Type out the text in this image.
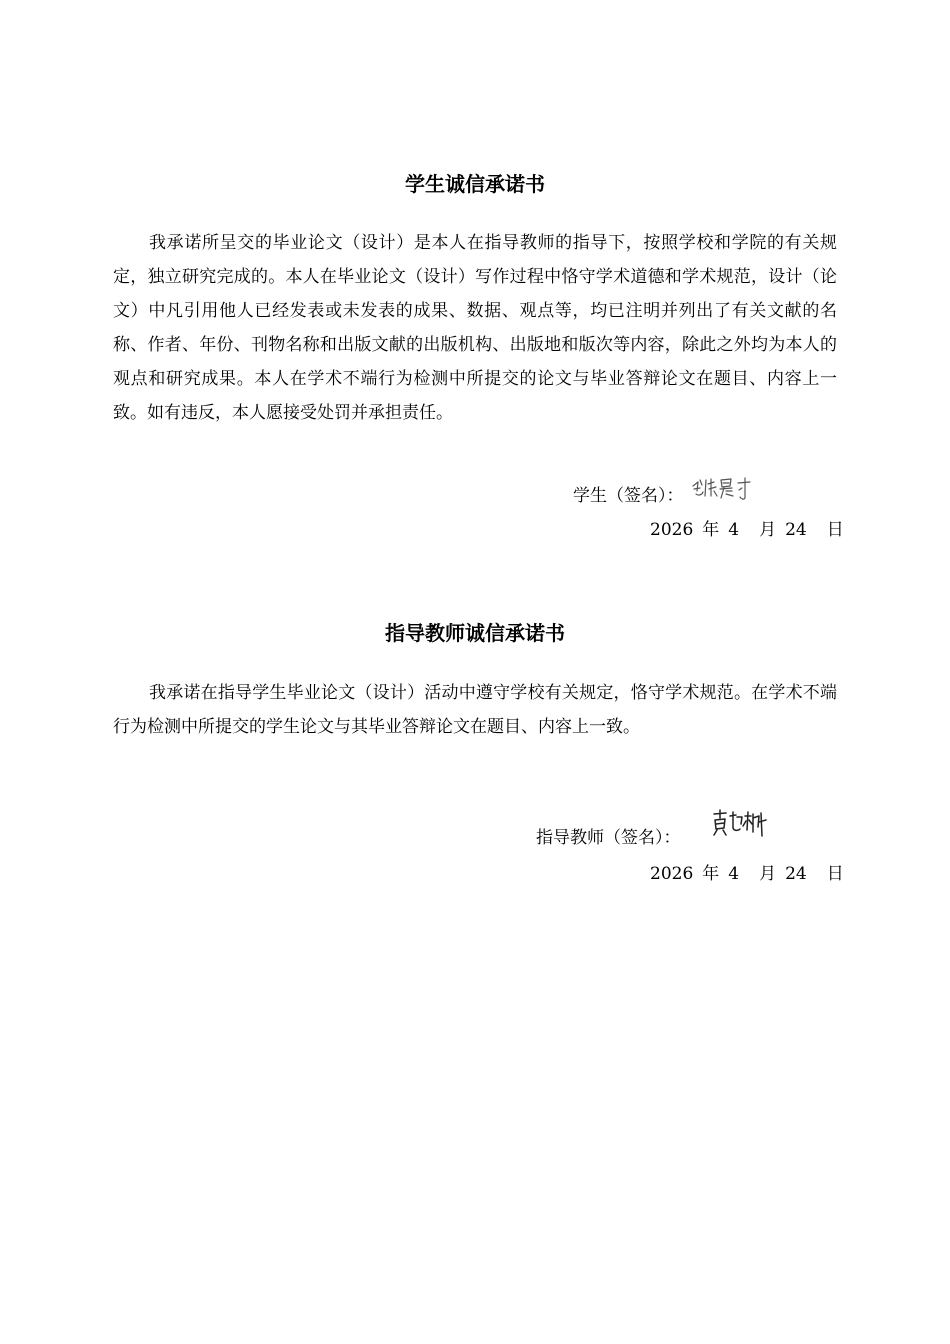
学生诚信承诺书
我承诺所呈交的毕业论文（设计）是本人在指导教师的指导下，按照学校和学院的有关规定，独立研究完成的。本人在毕业论文（设计）写作过程中恪守学术道德和学术规范，设计（论文）中凡引用他人已经发表或未发表的成果、数据、观点等，均已注明并列出了有关文献的名称、作者、年份、刊物名称和出版文献的出版机构、出版地和版次等内容，除此之外均为本人的观点和研究成果。本人在学术不端行为检测中所提交的论文与毕业答辩论文在题目、内容上一致。如有违反，本人愿接受处罚并承担责任。
学生（签名）：
2026 年 4 月 24 日
指导教师诚信承诺书
我承诺在指导学生毕业论文（设计）活动中遵守学校有关规定，恪守学术规范。在学术不端行为检测中所提交的学生论文与其毕业答辩论文在题目、内容上一致。
指导教师（签名）：
2026 年 4 月 24 日
